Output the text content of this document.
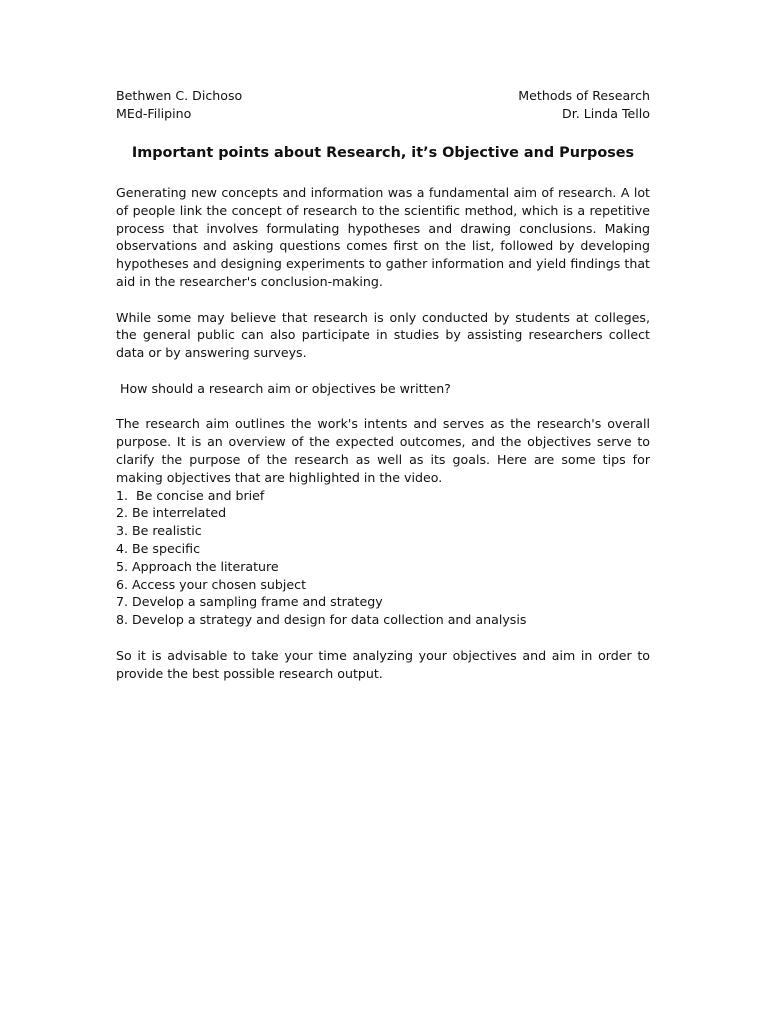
Bethwen C. Dichoso	Methods of Research
MEd-Filipino	Dr. Linda Tello
Important points about Research, it’s Objective and Purposes

Generating new concepts and information was a fundamental aim of research. A lot of people link the concept of research to the scientific method, which is a repetitive process that involves formulating hypotheses and drawing conclusions. Making observations and asking questions comes first on the list, followed by developing hypotheses and designing experiments to gather information and yield findings that aid in the researcher's conclusion-making.

While some may believe that research is only conducted by students at colleges, the general public can also participate in studies by assisting researchers collect data or by answering surveys.

How should a research aim or objectives be written?

The research aim outlines the work's intents and serves as the research's overall purpose. It is an overview of the expected outcomes, and the objectives serve to clarify the purpose of the research as well as its goals. Here are some tips for making objectives that are highlighted in the video.

1.  Be concise and brief
2. Be interrelated
3. Be realistic
4. Be specific
5. Approach the literature
6. Access your chosen subject
7. Develop a sampling frame and strategy
8. Develop a strategy and design for data collection and analysis

So it is advisable to take your time analyzing your objectives and aim in order to provide the best possible research output.
